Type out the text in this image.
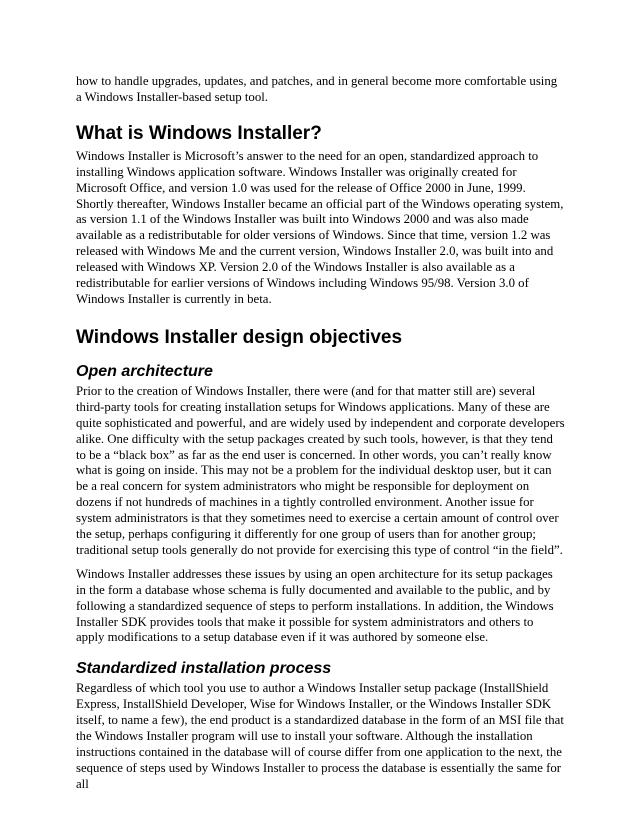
how to handle upgrades, updates, and patches, and in general become more comfortable using a Windows Installer-based setup tool.

What is Windows Installer?

Windows Installer is Microsoft’s answer to the need for an open, standardized approach to installing Windows application software. Windows Installer was originally created for Microsoft Office, and version 1.0 was used for the release of Office 2000 in June, 1999. Shortly thereafter, Windows Installer became an official part of the Windows operating system, as version 1.1 of the Windows Installer was built into Windows 2000 and was also made available as a redistributable for older versions of Windows. Since that time, version 1.2 was released with Windows Me and the current version, Windows Installer 2.0, was built into and released with Windows XP. Version 2.0 of the Windows Installer is also available as a redistributable for earlier versions of Windows including Windows 95/98. Version 3.0 of Windows Installer is currently in beta.

Windows Installer design objectives
Open architecture

Prior to the creation of Windows Installer, there were (and for that matter still are) several third-party tools for creating installation setups for Windows applications. Many of these are quite sophisticated and powerful, and are widely used by independent and corporate developers alike. One difficulty with the setup packages created by such tools, however, is that they tend to be a “black box” as far as the end user is concerned. In other words, you can’t really know what is going on inside. This may not be a problem for the individual desktop user, but it can be a real concern for system administrators who might be responsible for deployment on dozens if not hundreds of machines in a tightly controlled environment. Another issue for system administrators is that they sometimes need to exercise a certain amount of control over the setup, perhaps configuring it differently for one group of users than for another group; traditional setup tools generally do not provide for exercising this type of control “in the field”.

Windows Installer addresses these issues by using an open architecture for its setup packages in the form a database whose schema is fully documented and available to the public, and by following a standardized sequence of steps to perform installations. In addition, the Windows Installer SDK provides tools that make it possible for system administrators and others to apply modifications to a setup database even if it was authored by someone else.

Standardized installation process

Regardless of which tool you use to author a Windows Installer setup package (InstallShield Express, InstallShield Developer, Wise for Windows Installer, or the Windows Installer SDK itself, to name a few), the end product is a standardized database in the form of an MSI file that the Windows Installer program will use to install your software. Although the installation instructions contained in the database will of course differ from one application to the next, the sequence of steps used by Windows Installer to process the database is essentially the same for all
